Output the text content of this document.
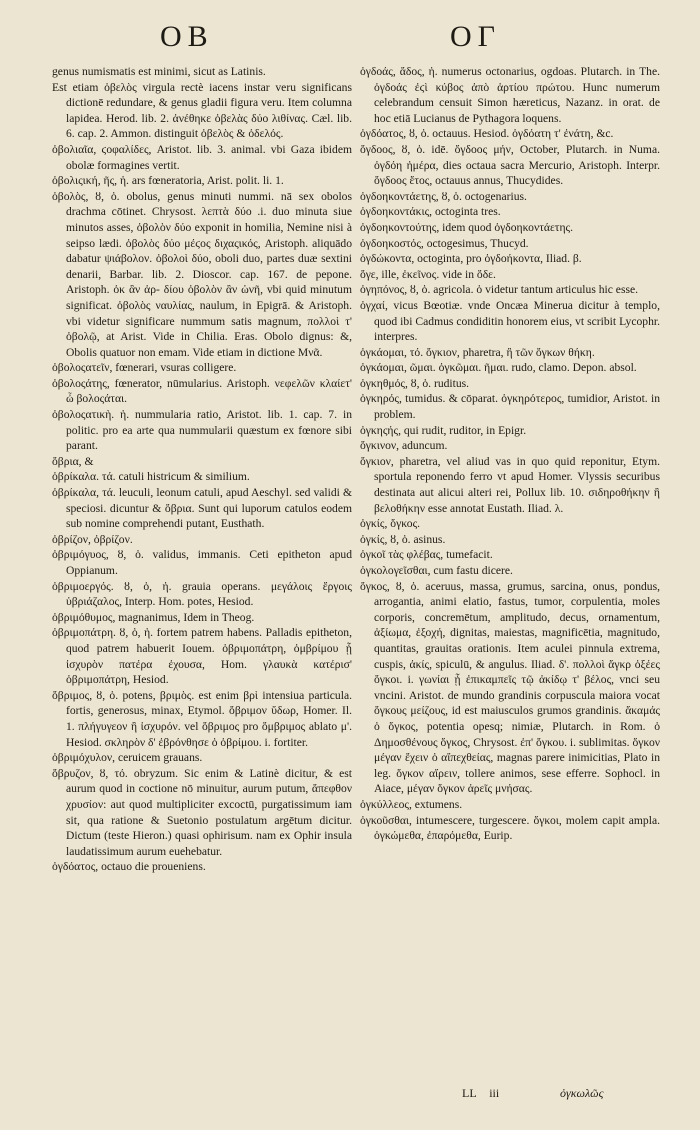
OB	OΓ

genus numismatis est minimi, sicut as Latinis.

Est etiam ὀβελὸς virgula rectè iacens instar veru significans dictionē redundare, & genus gladii figura veru. Item columna lapidea. Herod. lib. 2. ἀνέθηκε ὀβελὰς δύο λιθίνας. Cæl. lib. 6. cap. 2. Ammon. distinguit ὀβελὸς & ὀδελός.

ὀβολιαῖα, ϛοφαλίδες, Aristot. lib. 3. animal. vbi Gaza ibidem obolæ formagines vertit.

ὀβολιςική, ῆς, ἡ. ars fœneratoria, Arist. polit. li. 1.

ὀβολὸς, ȣ, ὁ. obolus, genus minuti nummi. nā sex obolos drachma cōtinet. Chrysost. λεπτὰ δύο .i. duo minuta siue minutos asses, ὀβολὸν δύο exponit in homilia, Nemine nisi à seipso lædi. ὀβολὸς δύο μέϛος διχαςικός, Aristoph. aliquādo dabatur ψιάβολον. ὀβολοὶ δύο, oboli duo, partes duæ sextini denarii, Barbar. lib. 2. Dioscor. cap. 167. de pepone. Aristoph. ὀκ ἂν ἀρ- δίου ὀβολὸν ἂν ὡνῆ, vbi quid minutum significat. ὀβολὸς ναυλίας, naulum, in Epigrā. & Aristoph. vbi videtur significare nummum satis magnum, πολλοὶ τ' ὀβολῷ, at Arist. Vide in Chilia. Eras. Obolo dignus: &, Obolis quatuor non emam. Vide etiam in dictione Μνᾶ.

ὀβολοςατεῖν, fœnerari, vsuras colligere.

ὀβολοςάτης, fœnerator, nūmularius. Aristoph. νεφελῶν κλαίετ' ὦ βολοςάται.

ὀβολοςατικὴ. ἡ. nummularia ratio, Aristot. lib. 1. cap. 7. in politic. pro ea arte qua nummularii quæstum ex fœnore sibi parant.

ὄβρια, &

ὀβρίκαλα. τά. catuli histricum & similium.

ὀβρίκαλα, τά. leuculi, leonum catuli, apud Aeschyl. sed validi & speciosi. dicuntur & ὄβρια. Sunt qui luporum catulos eodem sub nomine comprehendi putant, Eusthath.

ὀβρίζον, ὀβρίζον.

ὀβριμόγυος, ȣ, ὁ. validus, immanis. Ceti epitheton apud Oppianum.

ὀβριμοεργός. ȣ, ὁ, ἡ. grauia operans. μεγάλοις ἔργοις ὑβριάζαλος, Interp. Hom. potes, Hesiod.

ὀβριμόθυμος, magnanimus, Idem in Theog.

ὀβριμοπάτρη. ȣ, ὁ, ἡ. fortem patrem habens. Palladis epitheton, quod patrem habuerit Iouem. ὀβριμοπάτρη, ὀμβρίμου ᾗ ἰσχυρὸν πατέρα ἐχουσα, Hom. γλαυκὰ κατέρισ' ὀβριμοπάτρη, Hesiod.

ὄβριμος, ȣ, ὁ. potens, βριμὸς. est enim βρὶ intensiua particula. fortis, generosus, minax, Etymol. ὄβριμον ὕδωρ, Homer. Il. 1. πλήγυγεον ἢ ἰσχυρόν. vel ὄβριμος pro ὄμβριμος ablato μ'. Hesiod. σκληρὸν δ' ἐβρόνθησε ὁ ὀβρίμου. i. fortiter.

ὀβριμόχυλον, ceruicem grauans.

ὄβρυζον, ȣ, τό. obryzum. Sic enim & Latinè dicitur, & est aurum quod in coctione nō minuitur, aurum putum, ἄπεφθον χρυσίον: aut quod multipliciter excoctū, purgatissimum iam sit, qua ratione & Suetonio postulatum argētum dicitur. Dictum (teste Hieron.) quasi ophirisum. nam ex Ophir insula laudatissimum aurum euehebatur.

ὀγδόατος, octauo die proueniens.

ὀγδοάς, ἄδος, ἡ. numerus octonarius, ogdoas. Plutarch. in The. ὀγδοάς ἐϛὶ κύβος ἀπὸ ἀρτίου πρώτου. Hunc numerum celebrandum censuit Simon hæreticus, Nazanz. in orat. de hoc etiā Lucianus de Pythagora loquens.

ὀγδόατος, ȣ, ὁ. octauus. Hesiod. ὀγδόατη τ' ἐνάτη, &c.

ὄγδοος, ȣ, ὁ. idē. ὄγδοος μήν, October, Plutarch. in Numa. ὀγδόη ἡμέρα, dies octaua sacra Mercurio, Aristoph. Interpr. ὄγδοος ἔτος, octauus annus, Thucydides.

ὀγδοηκοντάετης, ȣ, ὁ. octogenarius.

ὀγδοηκοντάκις, octoginta tres.

ὀγδοηκοντούτης, idem quod ὀγδοηκοντάετης.

ὀγδοηκοστός, octogesimus, Thucyd.

ὀγδώκοντα, octoginta, pro ὀγδοήκοντα, Iliad. β.

ὄγε, ille, ἐκεῖνος. vide in ὅδε.

ὀγηπόνος, ȣ, ὁ. agricola. ὁ videtur tantum articulus hic esse.

ὀγχαί, vicus Bœotiæ. vnde Oncæa Minerua dicitur à templo, quod ibi Cadmus condiditin honorem eius, vt scribit Lycophr. interpres.

ὀγκάομαι, τό. ὄγκιον, pharetra, ἢ τῶν ὄγκων θήκη.

ὀγκάομαι, ῶμαι. ὀγκῶμαι. ῆμαι. rudo, clamo. Depon. absol.

ὀγκηθμός, ȣ, ὁ. ruditus.

ὀγκηρός, tumidus. & cōparat. ὀγκηρότερος, tumidior, Aristot. in problem.

ὀγκηςής, qui rudit, ruditor, in Epigr.

ὄγκινον, aduncum.

ὄγκιον, pharetra, vel aliud vas in quo quid reponitur, Etym. sportula reponendo ferro vt apud Homer. Vlyssis securibus destinata aut alicui alteri rei, Pollux lib. 10. σιδηροθήκην ἢ βελοθήκην esse annotat Eustath. Iliad. λ.

ὀγκίς, ὄγκος.

ὀγκίς, ȣ, ὁ. asinus.

ὀγκοῖ τὰς φλέβας, tumefacit.

ὀγκολογεῖσθαι, cum fastu dicere.

ὄγκος, ȣ, ὁ. aceruus, massa, grumus, sarcina, onus, pondus, arrogantia, animi elatio, fastus, tumor, corpulentia, moles corporis, concremētum, amplitudo, decus, ornamentum, ἀξίωμα, ἐξοχή, dignitas, maiestas, magnificētia, magnitudo, quantitas, grauitas orationis. Item aculei pinnula extrema, cuspis, ἀκίς, spiculū, & angulus. Iliad. δ'. πολλοὶ ἄγκρ ὀξέες ὄγκοι. i. γωνίαι ᾗ ἐπικαμπεῖς τῷ ἀκίδῳ τ' βέλος, vnci seu vncini. Aristot. de mundo grandinis corpuscula maiora vocat ὄγκους μείζους, id est maiusculos grumos grandinis. ἄκαμάς ὁ ὄγκος, potentia opesq; nimiæ, Plutarch. in Rom. ὁ Δημοσθένους ὄγκος, Chrysost. ἐπ' ὄγκου. i. sublimitas. ὄγκον μέγαν ἔχειν ὁ αἴπεχθείας, magnas parere inimicitias, Plato in leg. ὄγκον αἴρειν, tollere animos, sese efferre. Sophocl. in Aiace, μέγαν ὄγκον ἀρεῖς μνήσας.

ὀγκύλλεος, extumens.

ὀγκοῦσθαι, intumescere, turgescere. ὄγκοι, molem capit ampla. ὀγκώμεθα, ἐπαρόμεθα, Eurip.

LL iii	ὀγκωλῶς
